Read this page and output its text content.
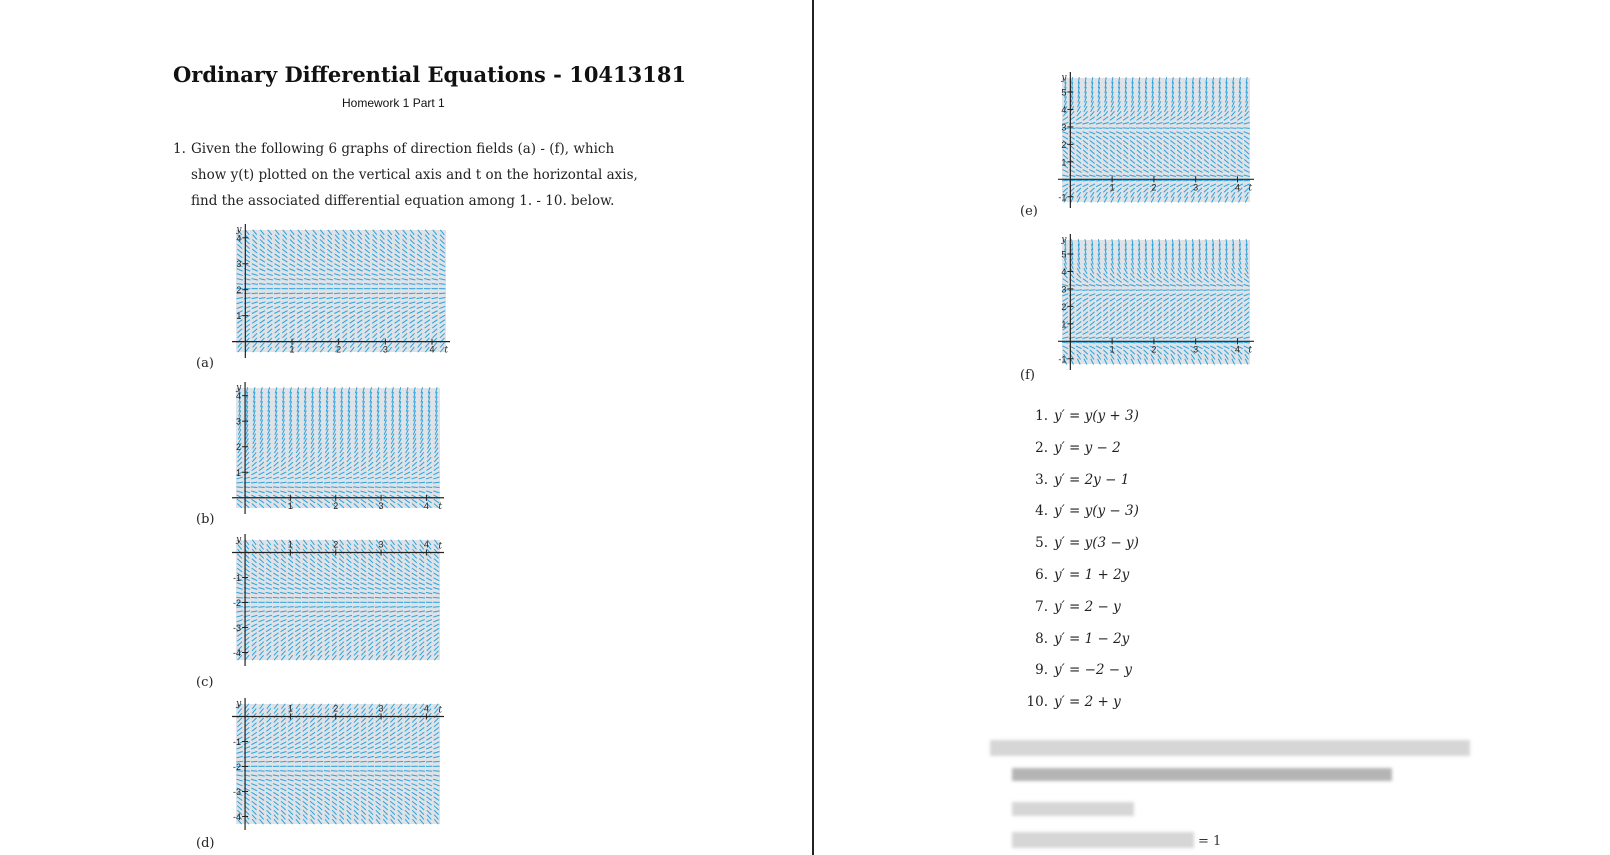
Ordinary Differential Equations - 10413181
Homework 1 Part 1
1. Given the following 6 graphs of direction fields (a) - (f), which show y(t) plotted on the vertical axis and t on the horizontal axis, find the associated differential equation among 1. - 10. below.
(a)
1
2
3
4
1	2	3	4
y
t
(b)
1
2
3
4
1	2	3	4
y
t
(c)
-1
-2
-3
-4
1	2	3	4
y
t
(d)
-1
-2
-3
-4
1	2	3	4
y
t
(e)
-1
1
2
3
4
5
1	2	3	4
y
t
(f)
-1
1
2
3
4
5
1	2	3	4
y
t
1. y′ = y(y + 3)
2. y′ = y − 2
3. y′ = 2y − 1
4. y′ = y(y − 3)
5. y′ = y(3 − y)
6. y′ = 1 + 2y
7. y′ = 2 − y
8. y′ = 1 − 2y
9. y′ = −2 − y
10. y′ = 2 + y
= 1
